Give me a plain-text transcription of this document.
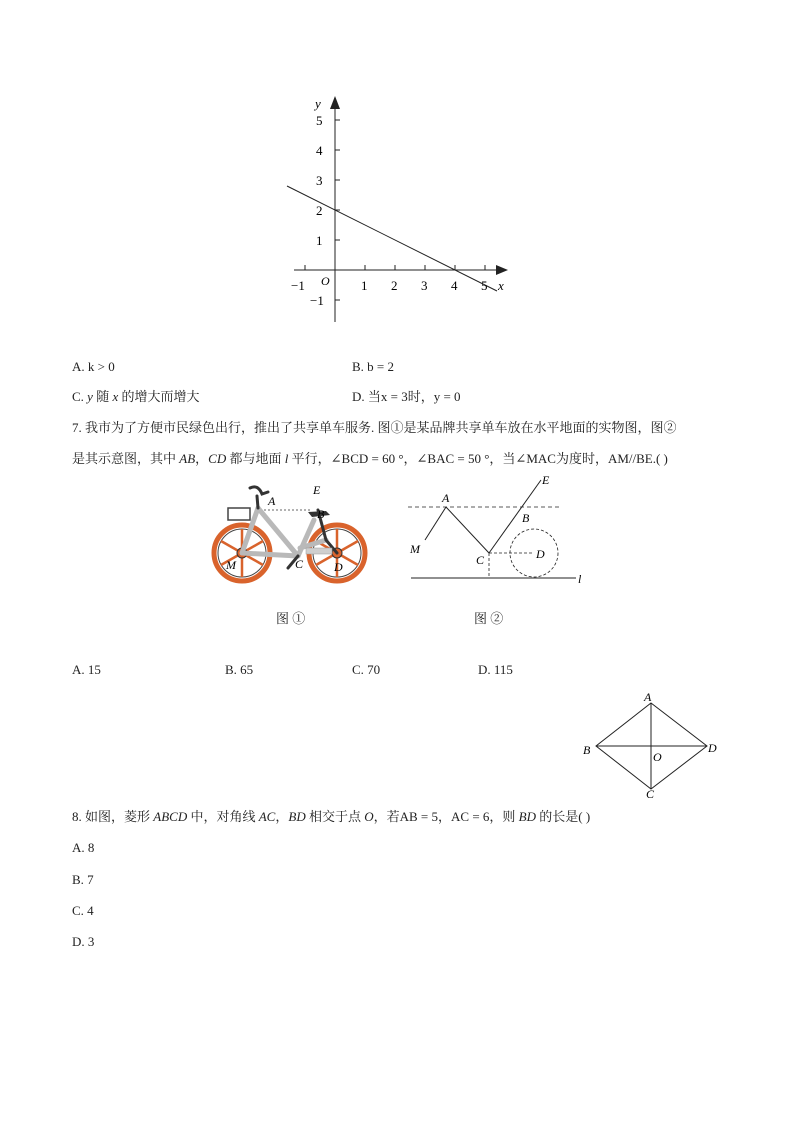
y
x
O
5
4
3
2
1
−1
−1	1 2 3 4 5
A. k > 0	B. b = 2
C. y 随 x 的增大而增大	D. 当x = 3时，y = 0
7. 我市为了方便市民绿色出行，推出了共享单车服务. 图①是某品牌共享单车放在水平地面的实物图，图②
是其示意图，其中 AB，CD 都与地面 l 平行，∠BCD = 60 °，∠BAC = 50 °，当∠MAC为度时，AM//BE.( )
A
E
B
M	C	D
A
E
B
M
C	D
l
图 ①	图 ②
A. 15	B. 65	C. 70	D. 115
A
B
C
D
O
8. 如图，菱形 ABCD 中，对角线 AC，BD 相交于点 O，若AB = 5，AC = 6，则 BD 的长是( )
A. 8
B. 7
C. 4
D. 3
